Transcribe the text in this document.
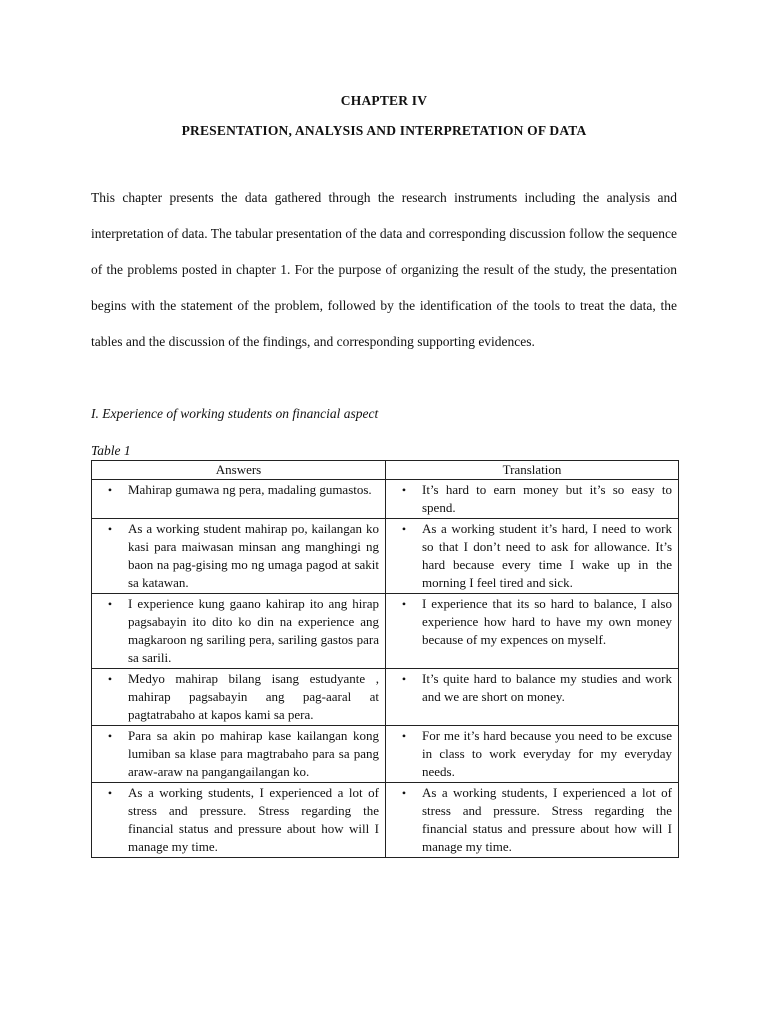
CHAPTER IV
PRESENTATION, ANALYSIS AND INTERPRETATION OF DATA

This chapter presents the data gathered through the research instruments including the analysis and interpretation of data. The tabular presentation of the data and corresponding discussion follow the sequence of the problems posted in chapter 1. For the purpose of organizing the result of the study, the presentation begins with the statement of the problem, followed by the identification of the tools to treat the data, the tables and the discussion of the findings, and corresponding supporting evidences.

I. Experience of working students on financial aspect
Table 1
Answers	Translation

• Mahirap gumawa ng pera, madaling gumastos.	• It’s hard to earn money but it’s so easy to spend.

• As a working student mahirap po, kailangan ko kasi para maiwasan minsan ang manghingi ng baon na pag-gising mo ng umaga pagod at sakit sa katawan.	• As a working student it’s hard, I need to work so that I don’t need to ask for allowance. It’s hard because every time I wake up in the morning I feel tired and sick.

• I experience kung gaano kahirap ito ang hirap pagsabayin ito dito ko din na experience ang magkaroon ng sariling pera, sariling gastos para sa sarili.	• I experience that its so hard to balance, I also experience how hard to have my own money because of my expences on myself.

• Medyo mahirap bilang isang estudyante , mahirap pagsabayin ang pag-aaral at pagtatrabaho at kapos kami sa pera.	• It’s quite hard to balance my studies and work and we are short on money.

• Para sa akin po mahirap kase kailangan kong lumiban sa klase para magtrabaho para sa pang araw-araw na pangangailangan ko.	• For me it’s hard because you need to be excuse in class to work everyday for my everyday needs.

• As a working students, I experienced a lot of stress and pressure. Stress regarding the financial status and pressure about how will I manage my time.	• As a working students, I experienced a lot of stress and pressure. Stress regarding the financial status and pressure about how will I manage my time.
